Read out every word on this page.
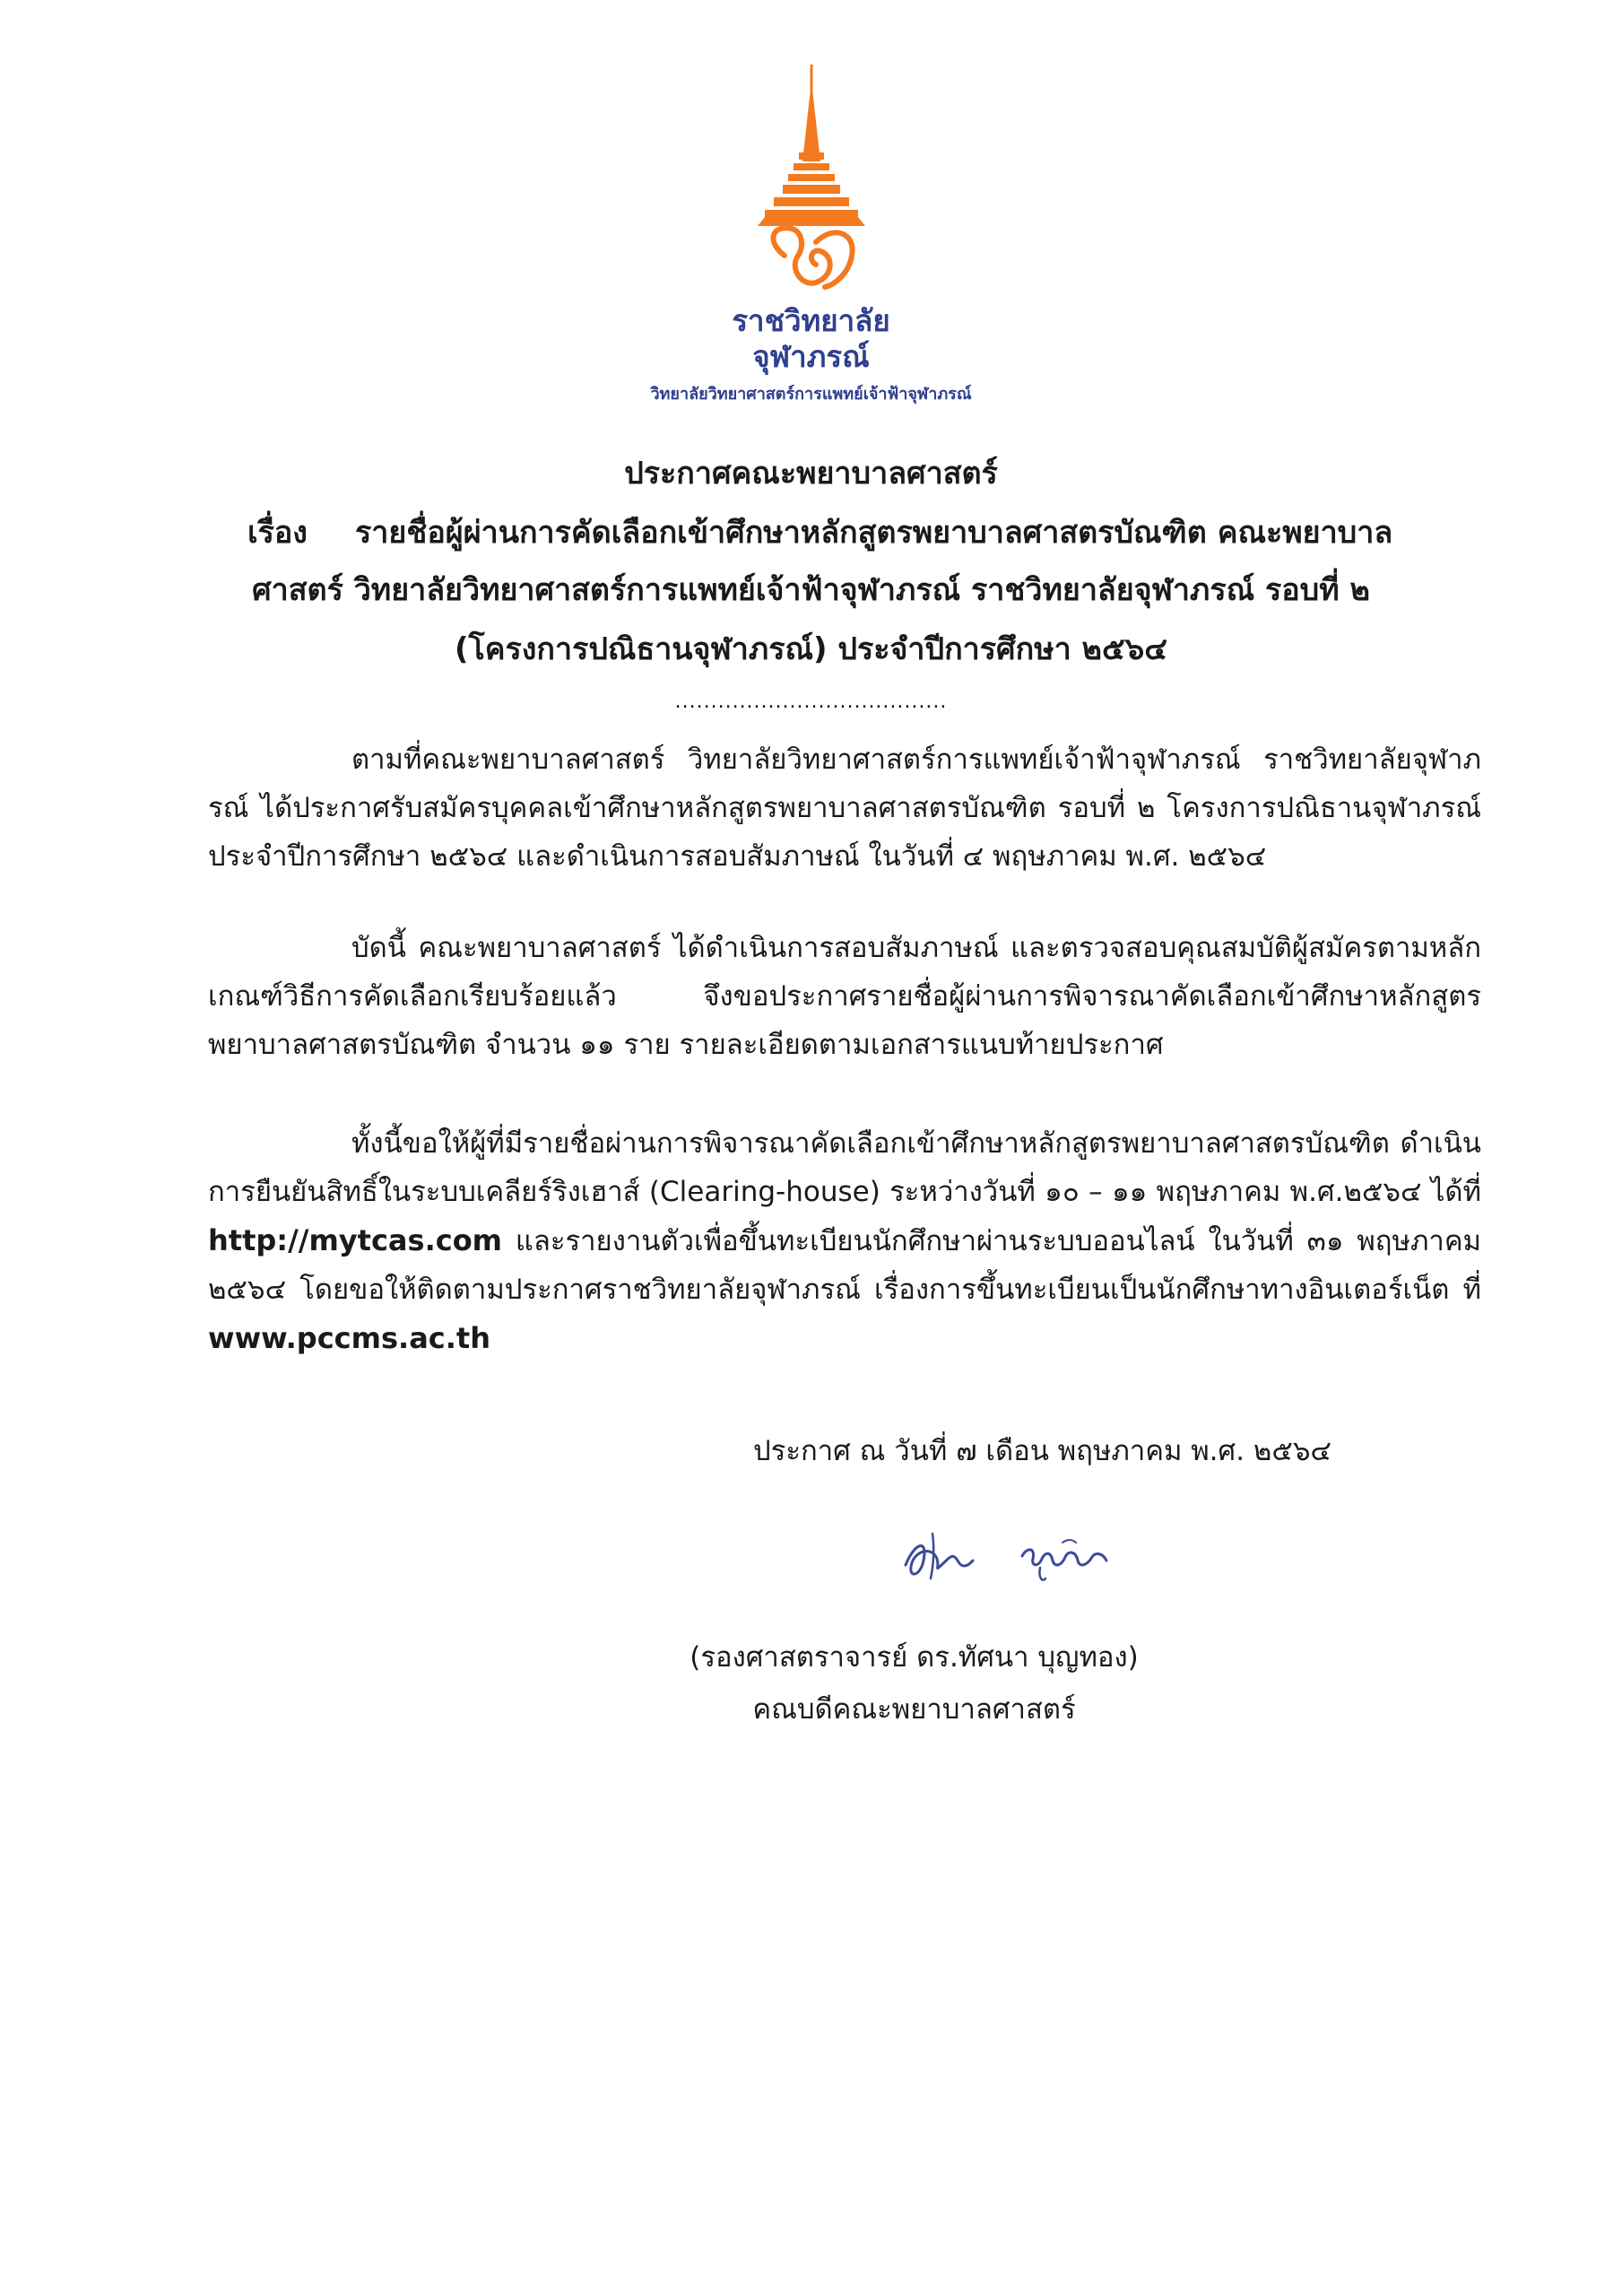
ราชวิทยาลัย
จุฬาภรณ์
วิทยาลัยวิทยาศาสตร์การแพทย์เจ้าฟ้าจุฬาภรณ์
ประกาศคณะพยาบาลศาสตร์
เรื่อง รายชื่อผู้ผ่านการคัดเลือกเข้าศึกษาหลักสูตรพยาบาลศาสตรบัณฑิต คณะพยาบาล
ศาสตร์ วิทยาลัยวิทยาศาสตร์การแพทย์เจ้าฟ้าจุฬาภรณ์ ราชวิทยาลัยจุฬาภรณ์ รอบที่ ๒
(โครงการปณิธานจุฬาภรณ์) ประจำปีการศึกษา ๒๕๖๔
......................................
ตามที่คณะพยาบาลศาสตร์ วิทยาลัยวิทยาศาสตร์การแพทย์เจ้าฟ้าจุฬาภรณ์ ราชวิทยาลัยจุฬาภรณ์ ได้ประกาศรับสมัครบุคคลเข้าศึกษาหลักสูตรพยาบาลศาสตรบัณฑิต รอบที่ ๒ โครงการปณิธานจุฬาภรณ์ ประจำปีการศึกษา ๒๕๖๔ และดำเนินการสอบสัมภาษณ์ ในวันที่ ๔ พฤษภาคม พ.ศ. ๒๕๖๔
บัดนี้ คณะพยาบาลศาสตร์ ได้ดำเนินการสอบสัมภาษณ์ และตรวจสอบคุณสมบัติผู้สมัครตามหลักเกณฑ์วิธีการคัดเลือกเรียบร้อยแล้ว จึงขอประกาศรายชื่อผู้ผ่านการพิจารณาคัดเลือกเข้าศึกษาหลักสูตรพยาบาลศาสตรบัณฑิต จำนวน ๑๑ ราย รายละเอียดตามเอกสารแนบท้ายประกาศ
ทั้งนี้ขอให้ผู้ที่มีรายชื่อผ่านการพิจารณาคัดเลือกเข้าศึกษาหลักสูตรพยาบาลศาสตรบัณฑิต ดำเนินการยืนยันสิทธิ์ในระบบเคลียร์ริงเฮาส์ (Clearing-house) ระหว่างวันที่ ๑๐ – ๑๑ พฤษภาคม พ.ศ.๒๕๖๔ ได้ที่ http://mytcas.com และรายงานตัวเพื่อขึ้นทะเบียนนักศึกษาผ่านระบบออนไลน์ ในวันที่ ๓๑ พฤษภาคม ๒๕๖๔ โดยขอให้ติดตามประกาศราชวิทยาลัยจุฬาภรณ์ เรื่องการขึ้นทะเบียนเป็นนักศึกษาทางอินเตอร์เน็ต ที่ www.pccms.ac.th
ประกาศ ณ วันที่ ๗ เดือน พฤษภาคม พ.ศ. ๒๕๖๔
(รองศาสตราจารย์ ดร.ทัศนา บุญทอง)
คณบดีคณะพยาบาลศาสตร์
